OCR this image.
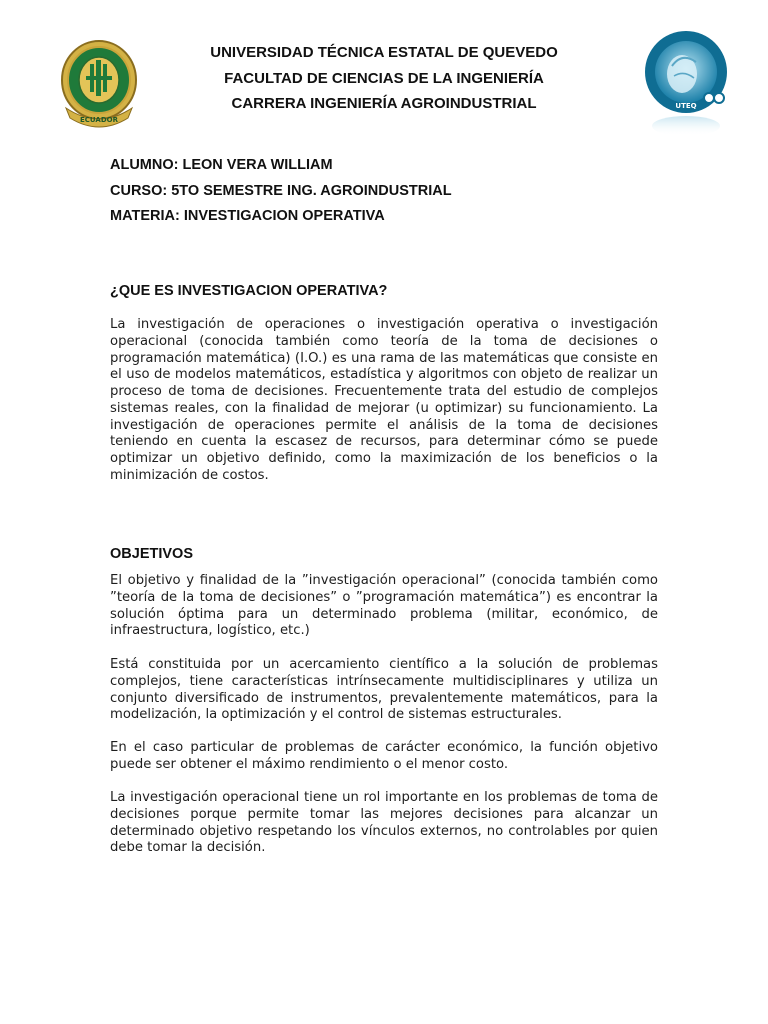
ECUADOR
UNIVERSIDAD TÉCNICA ESTATAL DE QUEVEDO
FACULTAD DE CIENCIAS DE LA INGENIERÍA
CARRERA INGENIERÍA AGROINDUSTRIAL	UTEQ
ALUMNO: LEON VERA WILLIAM
CURSO: 5TO SEMESTRE ING. AGROINDUSTRIAL
MATERIA: INVESTIGACION OPERATIVA
¿QUE ES INVESTIGACION OPERATIVA?
La investigación de operaciones o investigación operativa o investigación operacional (conocida también como teoría de la toma de decisiones o programación matemática) (I.O.) es una rama de las matemáticas que consiste en el uso de modelos matemáticos, estadística y algoritmos con objeto de realizar un proceso de toma de decisiones. Frecuentemente trata del estudio de complejos sistemas reales, con la finalidad de mejorar (u optimizar) su funcionamiento. La investigación de operaciones permite el análisis de la toma de decisiones teniendo en cuenta la escasez de recursos, para determinar cómo se puede optimizar un objetivo definido, como la maximización de los beneficios o la minimización de costos.
OBJETIVOS
El objetivo y finalidad de la ”investigación operacional” (conocida también como ”teoría de la toma de decisiones” o ”programación matemática”) es encontrar la solución óptima para un determinado problema (militar, económico, de infraestructura, logístico, etc.)
Está constituida por un acercamiento científico a la solución de problemas complejos, tiene características intrínsecamente multidisciplinares y utiliza un conjunto diversificado de instrumentos, prevalentemente matemáticos, para la modelización, la optimización y el control de sistemas estructurales.
En el caso particular de problemas de carácter económico, la función objetivo puede ser obtener el máximo rendimiento o el menor costo.
La investigación operacional tiene un rol importante en los problemas de toma de decisiones porque permite tomar las mejores decisiones para alcanzar un determinado objetivo respetando los vínculos externos, no controlables por quien debe tomar la decisión.
